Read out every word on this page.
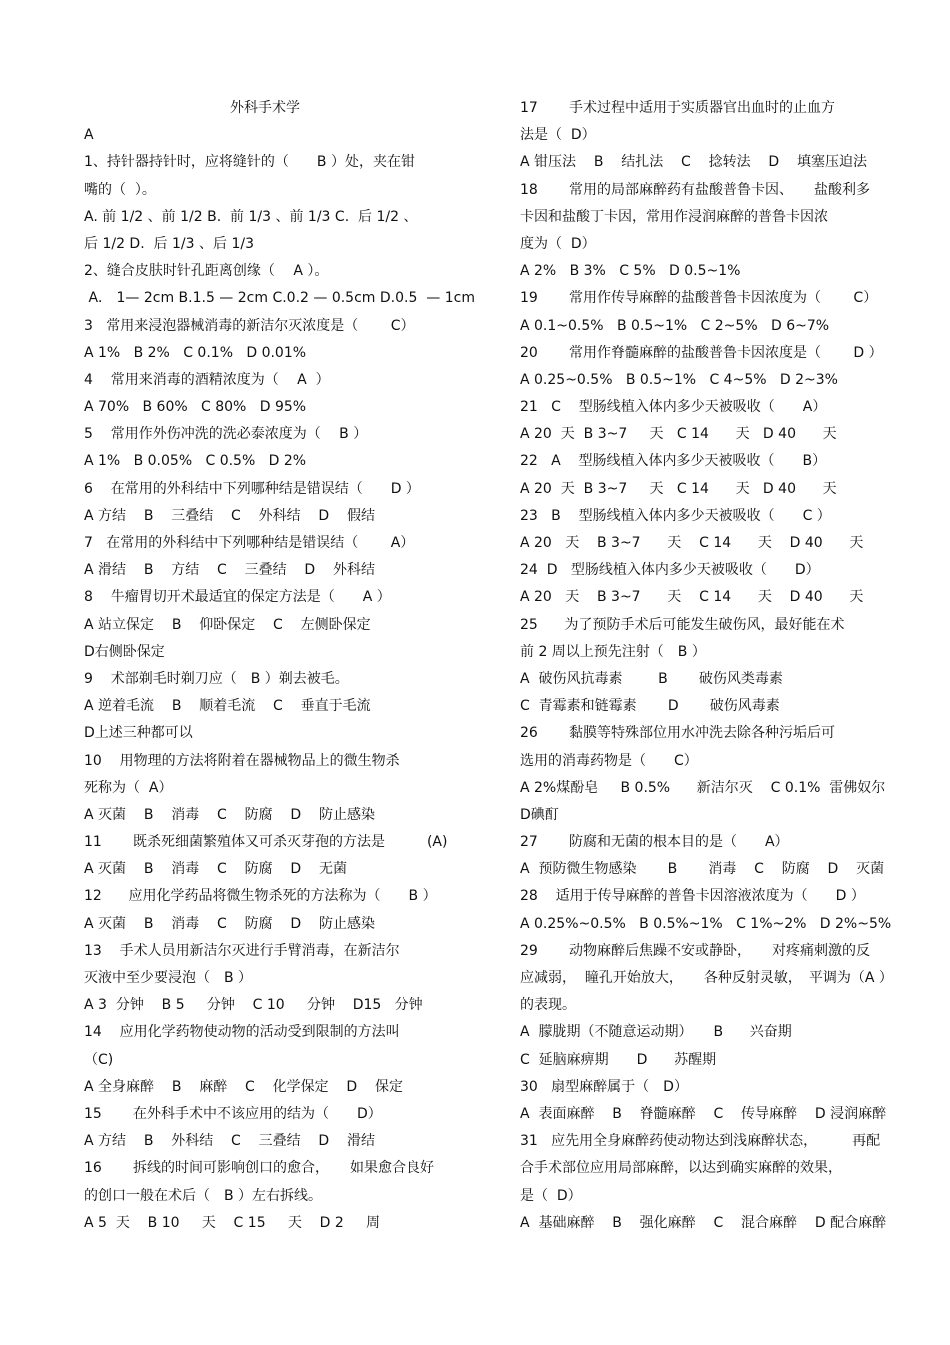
外科手术学
A
1、持针器持针时，应将缝针的（　　B ）处，夹在钳
嘴的（  ）。
A. 前 1/2 、前 1/2 B.  前 1/3 、前 1/3 C.  后 1/2 、
后 1/2 D.  后 1/3 、后 1/3
2、缝合皮肤时针孔距离创缘（　 A ）。
A． 1— 2cm B.1.5 — 2cm C.0.2 — 0.5cm D.0.5  — 1cm
3   常用来浸泡器械消毒的新洁尔灭浓度是（　　 C）
A 1%   B 2%   C 0.1%   D 0.01%
4    常用来消毒的酒精浓度为（　 A  ）
A 70%   B 60%   C 80%   D 95%
5    常用作外伤冲洗的洗必泰浓度为（　 B ）
A 1%   B 0.05%   C 0.5%   D 2%
6    在常用的外科结中下列哪种结是错误结（　　D ）
A 方结    B    三叠结    C    外科结    D    假结
7   在常用的外科结中下列哪种结是错误结（　　 A）
A 滑结    B    方结    C    三叠结    D    外科结
8    牛瘤胃切开术最适宜的保定方法是（　　A ）
A 站立保定    B    仰卧保定    C    左侧卧保定
D右侧卧保定
9    术部剃毛时剃刀应（　B ）剃去被毛。
A 逆着毛流    B    顺着毛流    C    垂直于毛流
D上述三种都可以
10    用物理的方法将附着在器械物品上的微生物杀
死称为（  A）
A 灭菌    B    消毒    C    防腐    D    防止感染
11       既杀死细菌繁殖体又可杀灭芽孢的方法是　　　(A)
A 灭菌    B    消毒    C    防腐    D    无菌
12      应用化学药品将微生物杀死的方法称为（　　B ）
A 灭菌    B    消毒    C    防腐    D    防止感染
13    手术人员用新洁尔灭进行手臂消毒，在新洁尔
灭液中至少要浸泡（　B ）
A 3  分钟    B 5     分钟    C 10     分钟    D15   分钟
14    应用化学药物使动物的活动受到限制的方法叫
（C)
A 全身麻醉    B    麻醉    C    化学保定    D    保定
15       在外科手术中不该应用的结为（　　D）
A 方结    B    外科结    C    三叠结    D    滑结
16       拆线的时间可影响创口的愈合，　　如果愈合良好
的创口一般在术后（　B ）左右拆线。
A 5  天    B 10     天    C 15     天    D 2     周
17       手术过程中适用于实质器官出血时的止血方
法是（  D）
A 钳压法    B    结扎法    C    捻转法    D    填塞压迫法
18       常用的局部麻醉药有盐酸普鲁卡因、　　盐酸利多
卡因和盐酸丁卡因，常用作浸润麻醉的普鲁卡因浓
度为（  D）
A 2%   B 3%   C 5%   D 0.5~1%
19       常用作传导麻醉的盐酸普鲁卡因浓度为（　　 C）
A 0.1~0.5%   B 0.5~1%   C 2~5%   D 6~7%
20       常用作脊髓麻醉的盐酸普鲁卡因浓度是（　　 D ）
A 0.25~0.5%   B 0.5~1%   C 4~5%   D 2~3%
21   C    型肠线植入体内多少天被吸收（　　A）
A 20  天  B 3~7     天   C 14      天   D 40      天
22   A    型肠线植入体内多少天被吸收（　　B）
A 20  天  B 3~7     天   C 14      天   D 40      天
23   B    型肠线植入体内多少天被吸收（　　C ）
A 20   天    B 3~7      天    C 14      天    D 40      天
24  D   型肠线植入体内多少天被吸收（　　D）
A 20   天    B 3~7      天    C 14      天    D 40      天
25      为了预防手术后可能发生破伤风，最好能在术
前 2 周以上预先注射（　B ）
A  破伤风抗毒素        B       破伤风类毒素
C  青霉素和链霉素       D       破伤风毒素
26       黏膜等特殊部位用水冲洗去除各种污垢后可
选用的消毒药物是（　　C）
A 2%煤酚皂     B 0.5%      新洁尔灭    C 0.1%  雷佛奴尔
D碘酊
27       防腐和无菌的根本目的是（　　A）
A  预防微生物感染       B       消毒    C    防腐    D    灭菌
28    适用于传导麻醉的普鲁卡因溶液浓度为（　　D ）
A 0.25%~0.5%   B 0.5%~1%   C 1%~2%   D 2%~5%
29       动物麻醉后焦躁不安或静卧，　　对疼痛刺激的反
应减弱，  瞳孔开始放大，　　各种反射灵敏，　平调为（A ）
的表现。
A  朦胧期（不随意运动期）　　B      兴奋期
C  延脑麻痹期　　D      苏醒期
30   扇型麻醉属于（　D）
A  表面麻醉    B    脊髓麻醉    C    传导麻醉    D 浸润麻醉
31   应先用全身麻醉药使动物达到浅麻醉状态，　　　再配
合手术部位应用局部麻醉，以达到确实麻醉的效果，
是（  D）
A  基础麻醉    B    强化麻醉    C    混合麻醉    D 配合麻醉
